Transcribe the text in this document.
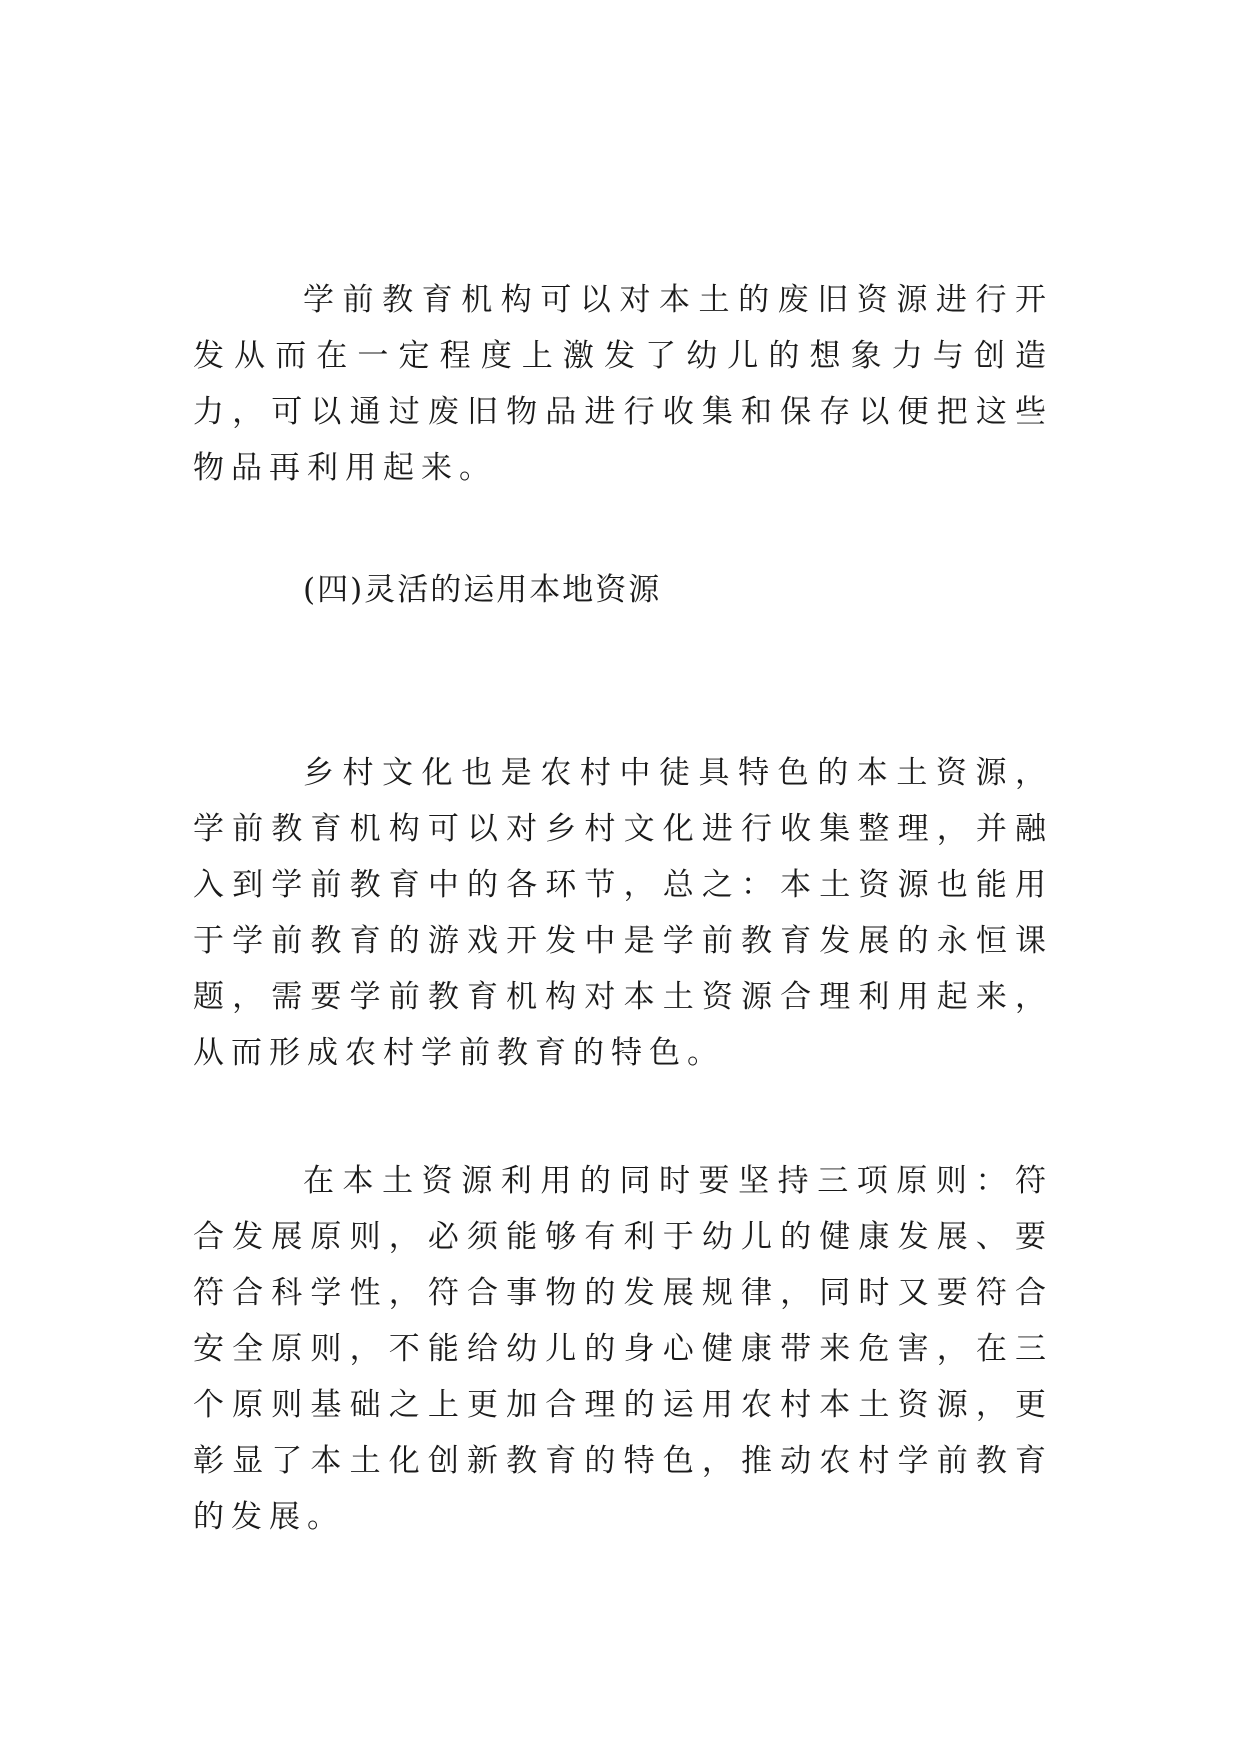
学前教育机构可以对本土的废旧资源进行开发从而在一定程度上激发了幼儿的想象力与创造力，可以通过废旧物品进行收集和保存以便把这些物品再利用起来。

(四)灵活的运用本地资源

乡村文化也是农村中徒具特色的本土资源，学前教育机构可以对乡村文化进行收集整理，并融入到学前教育中的各环节，总之：本土资源也能用于学前教育的游戏开发中是学前教育发展的永恒课题，需要学前教育机构对本土资源合理利用起来，从而形成农村学前教育的特色。

在本土资源利用的同时要坚持三项原则：符合发展原则，必须能够有利于幼儿的健康发展、要符合科学性，符合事物的发展规律，同时又要符合安全原则，不能给幼儿的身心健康带来危害，在三个原则基础之上更加合理的运用农村本土资源，更彰显了本土化创新教育的特色，推动农村学前教育的发展。
